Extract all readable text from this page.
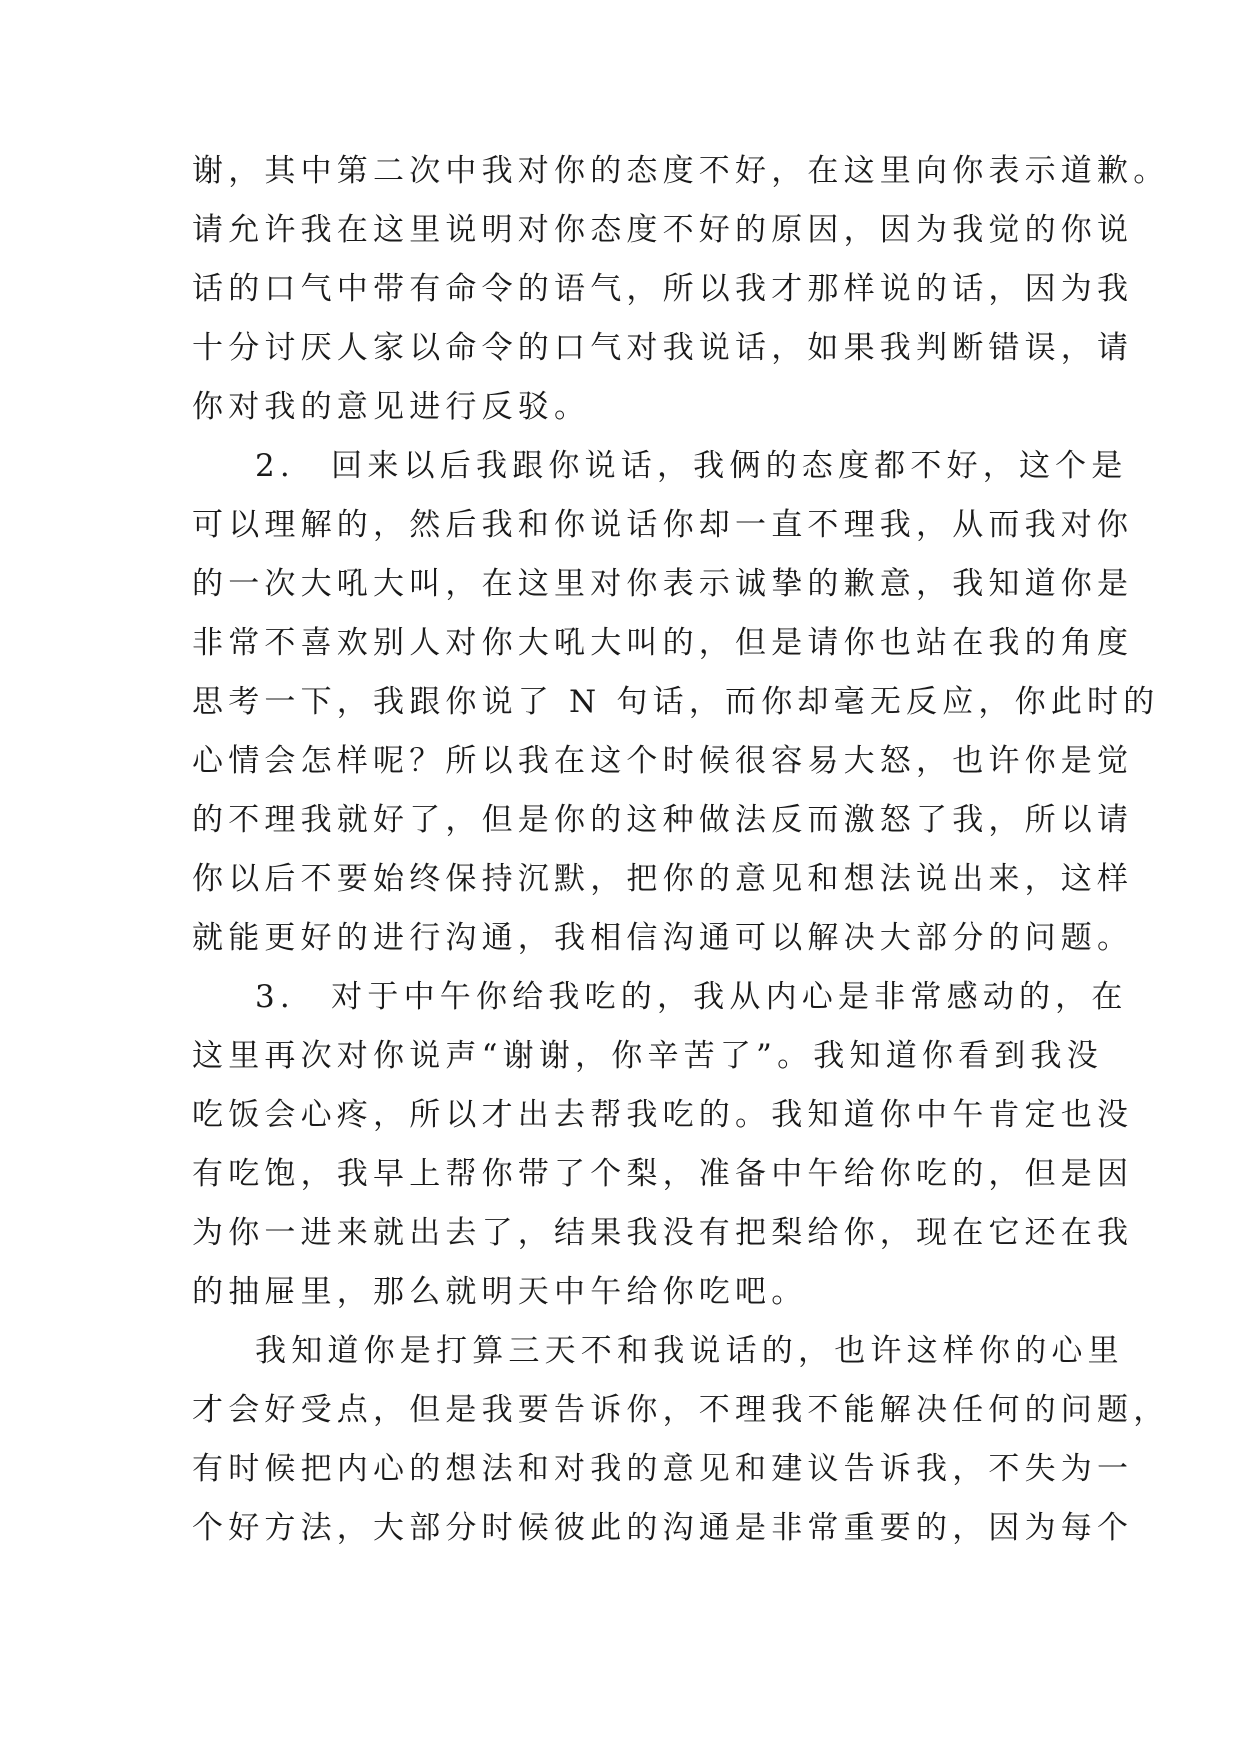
谢，其中第二次中我对你的态度不好，在这里向你表示道歉。
请允许我在这里说明对你态度不好的原因，因为我觉的你说
话的口气中带有命令的语气，所以我才那样说的话，因为我
十分讨厌人家以命令的口气对我说话，如果我判断错误，请
你对我的意见进行反驳。
2.　回来以后我跟你说话，我俩的态度都不好，这个是
可以理解的，然后我和你说话你却一直不理我，从而我对你
的一次大吼大叫，在这里对你表示诚挚的歉意，我知道你是
非常不喜欢别人对你大吼大叫的，但是请你也站在我的角度
思考一下，我跟你说了 N 句话，而你却毫无反应，你此时的
心情会怎样呢？所以我在这个时候很容易大怒，也许你是觉
的不理我就好了，但是你的这种做法反而激怒了我，所以请
你以后不要始终保持沉默，把你的意见和想法说出来，这样
就能更好的进行沟通，我相信沟通可以解决大部分的问题。
3.　对于中午你给我吃的，我从内心是非常感动的，在
这里再次对你说声“谢谢，你辛苦了”。我知道你看到我没
吃饭会心疼，所以才出去帮我吃的。我知道你中午肯定也没
有吃饱，我早上帮你带了个梨，准备中午给你吃的，但是因
为你一进来就出去了，结果我没有把梨给你，现在它还在我
的抽屉里，那么就明天中午给你吃吧。
我知道你是打算三天不和我说话的，也许这样你的心里
才会好受点，但是我要告诉你，不理我不能解决任何的问题，
有时候把内心的想法和对我的意见和建议告诉我，不失为一
个好方法，大部分时候彼此的沟通是非常重要的，因为每个
